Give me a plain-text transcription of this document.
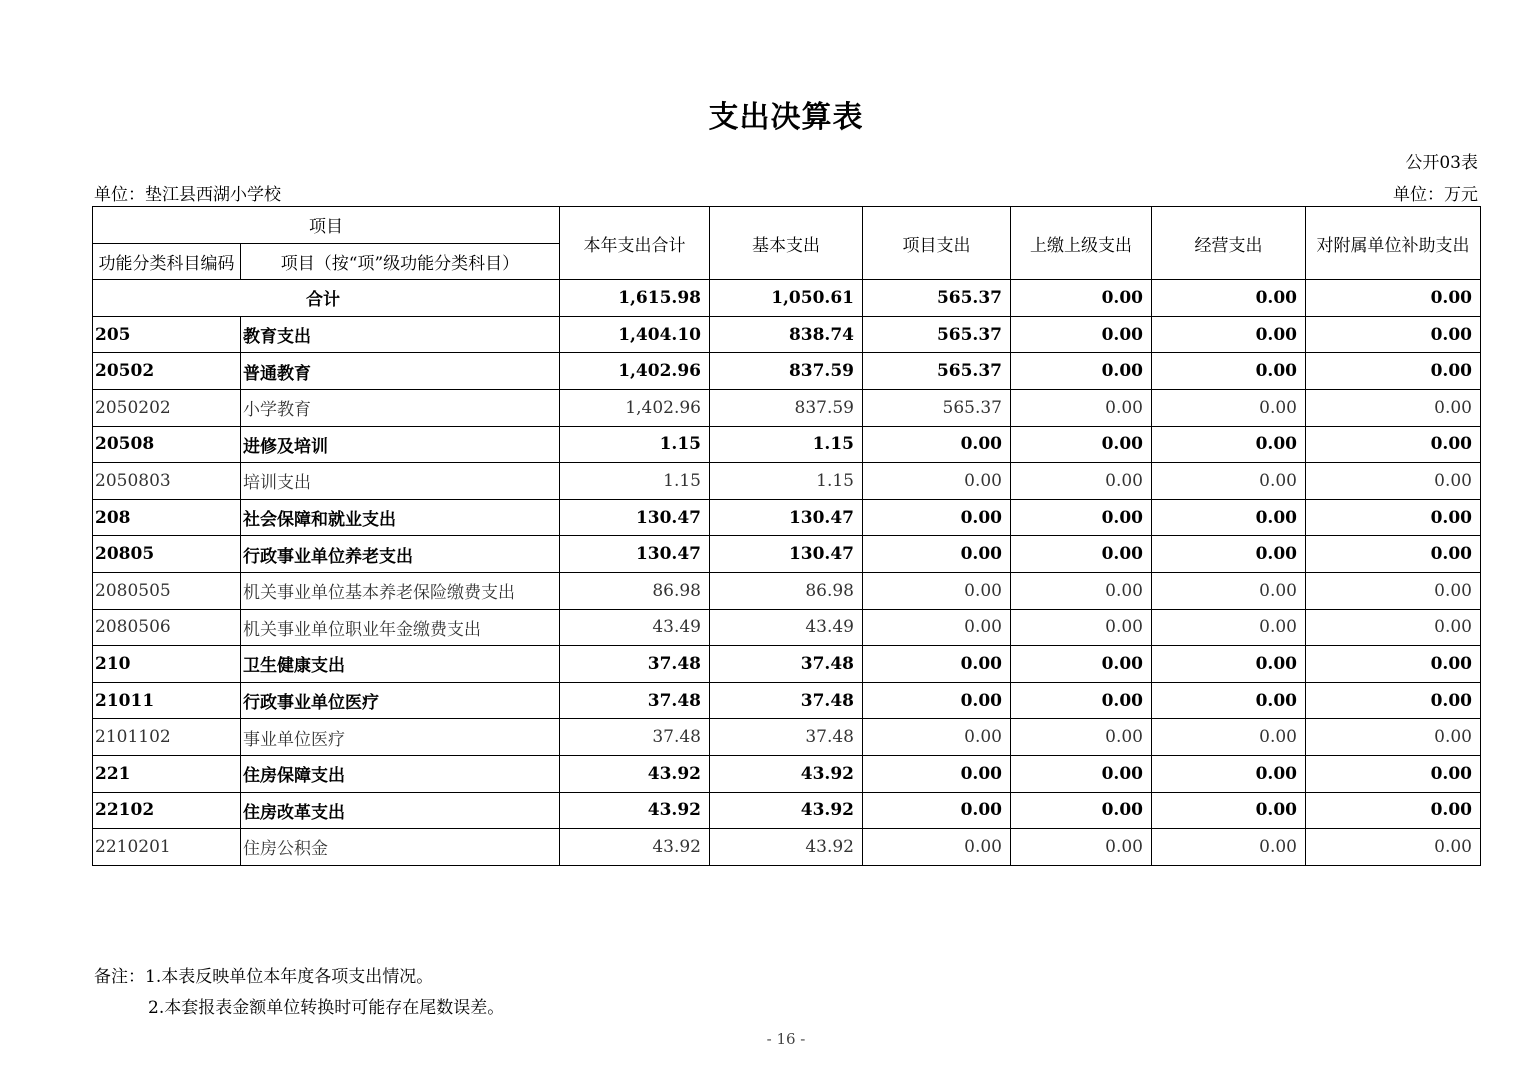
支出决算表
公开03表
单位：垫江县西湖小学校	单位：万元
项目		本年支出合计	基本支出	项目支出	上缴上级支出	经营支出	对附属单位补助支出
功能分类科目编码	项目（按“项”级功能分类科目）						
合计		1,615.98	1,050.61	565.37	0.00	0.00	0.00
205	教育支出	1,404.10	838.74	565.37	0.00	0.00	0.00
20502	普通教育	1,402.96	837.59	565.37	0.00	0.00	0.00
2050202	小学教育	1,402.96	837.59	565.37	0.00	0.00	0.00
20508	进修及培训	1.15	1.15	0.00	0.00	0.00	0.00
2050803	培训支出	1.15	1.15	0.00	0.00	0.00	0.00
208	社会保障和就业支出	130.47	130.47	0.00	0.00	0.00	0.00
20805	行政事业单位养老支出	130.47	130.47	0.00	0.00	0.00	0.00
2080505	机关事业单位基本养老保险缴费支出	86.98	86.98	0.00	0.00	0.00	0.00
2080506	机关事业单位职业年金缴费支出	43.49	43.49	0.00	0.00	0.00	0.00
210	卫生健康支出	37.48	37.48	0.00	0.00	0.00	0.00
21011	行政事业单位医疗	37.48	37.48	0.00	0.00	0.00	0.00
2101102	事业单位医疗	37.48	37.48	0.00	0.00	0.00	0.00
221	住房保障支出	43.92	43.92	0.00	0.00	0.00	0.00
22102	住房改革支出	43.92	43.92	0.00	0.00	0.00	0.00
2210201	住房公积金	43.92	43.92	0.00	0.00	0.00	0.00
备注：1.本表反映单位本年度各项支出情况。
2.本套报表金额单位转换时可能存在尾数误差。
- 16 -
